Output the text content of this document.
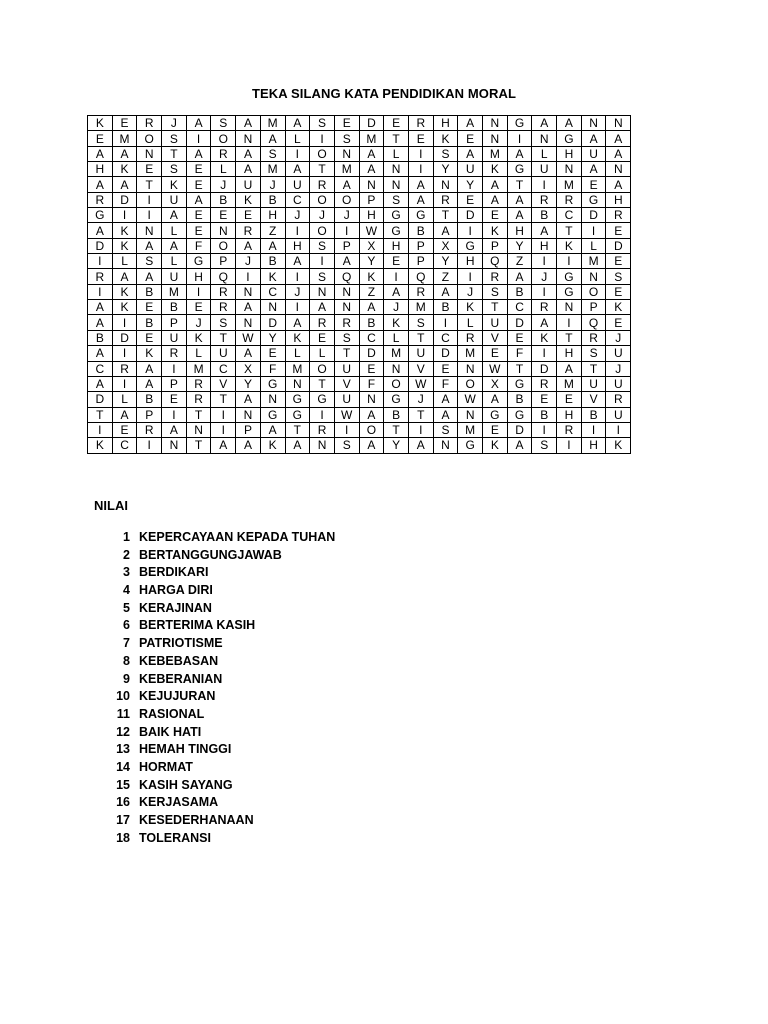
TEKA SILANG KATA PENDIDIKAN MORAL
K	E	R	J	A	S	A	M	A	S	E	D	E	R	H	A	N	G	A	A	N	N
E	M	O	S	I	O	N	A	L	I	S	M	T	E	K	E	N	I	N	G	A	A
A	A	N	T	A	R	A	S	I	O	N	A	L	I	S	A	M	A	L	H	U	A
H	K	E	S	E	L	A	M	A	T	M	A	N	I	Y	U	K	G	U	N	A	N
A	A	T	K	E	J	U	J	U	R	A	N	N	A	N	Y	A	T	I	M	E	A
R	D	I	U	A	B	K	B	C	O	O	P	S	A	R	E	A	A	R	R	G	H
G	I	I	A	E	E	E	H	J	J	J	H	G	G	T	D	E	A	B	C	D	R
A	K	N	L	E	N	R	Z	I	O	I	W	G	B	A	I	K	H	A	T	I	E
D	K	A	A	F	O	A	A	H	S	P	X	H	P	X	G	P	Y	H	K	L	D
I	L	S	L	G	P	J	B	A	I	A	Y	E	P	Y	H	Q	Z	I	I	M	E
R	A	A	U	H	Q	I	K	I	S	Q	K	I	Q	Z	I	R	A	J	G	N	S
I	K	B	M	I	R	N	C	J	N	N	Z	A	R	A	J	S	B	I	G	O	E
A	K	E	B	E	R	A	N	I	A	N	A	J	M	B	K	T	C	R	N	P	K
A	I	B	P	J	S	N	D	A	R	R	B	K	S	I	L	U	D	A	I	Q	E
B	D	E	U	K	T	W	Y	K	E	S	C	L	T	C	R	V	E	K	T	R	J
A	I	K	R	L	U	A	E	L	L	T	D	M	U	D	M	E	F	I	H	S	U
C	R	A	I	M	C	X	F	M	O	U	E	N	V	E	N	W	T	D	A	T	J
A	I	A	P	R	V	Y	G	N	T	V	F	O	W	F	O	X	G	R	M	U	U
D	L	B	E	R	T	A	N	G	G	U	N	G	J	A	W	A	B	E	E	V	R
T	A	P	I	T	I	N	G	G	I	W	A	B	T	A	N	G	G	B	H	B	U
I	E	R	A	N	I	P	A	T	R	I	O	T	I	S	M	E	D	I	R	I	I
K	C	I	N	T	A	A	K	A	N	S	A	Y	A	N	G	K	A	S	I	H	K
NILAI
1 KEPERCAYAAN KEPADA TUHAN
2 BERTANGGUNGJAWAB
3 BERDIKARI
4 HARGA DIRI
5 KERAJINAN
6 BERTERIMA KASIH
7 PATRIOTISME
8 KEBEBASAN
9 KEBERANIAN
10 KEJUJURAN
11 RASIONAL
12 BAIK HATI
13 HEMAH TINGGI
14 HORMAT
15 KASIH SAYANG
16 KERJASAMA
17 KESEDERHANAAN
18 TOLERANSI
